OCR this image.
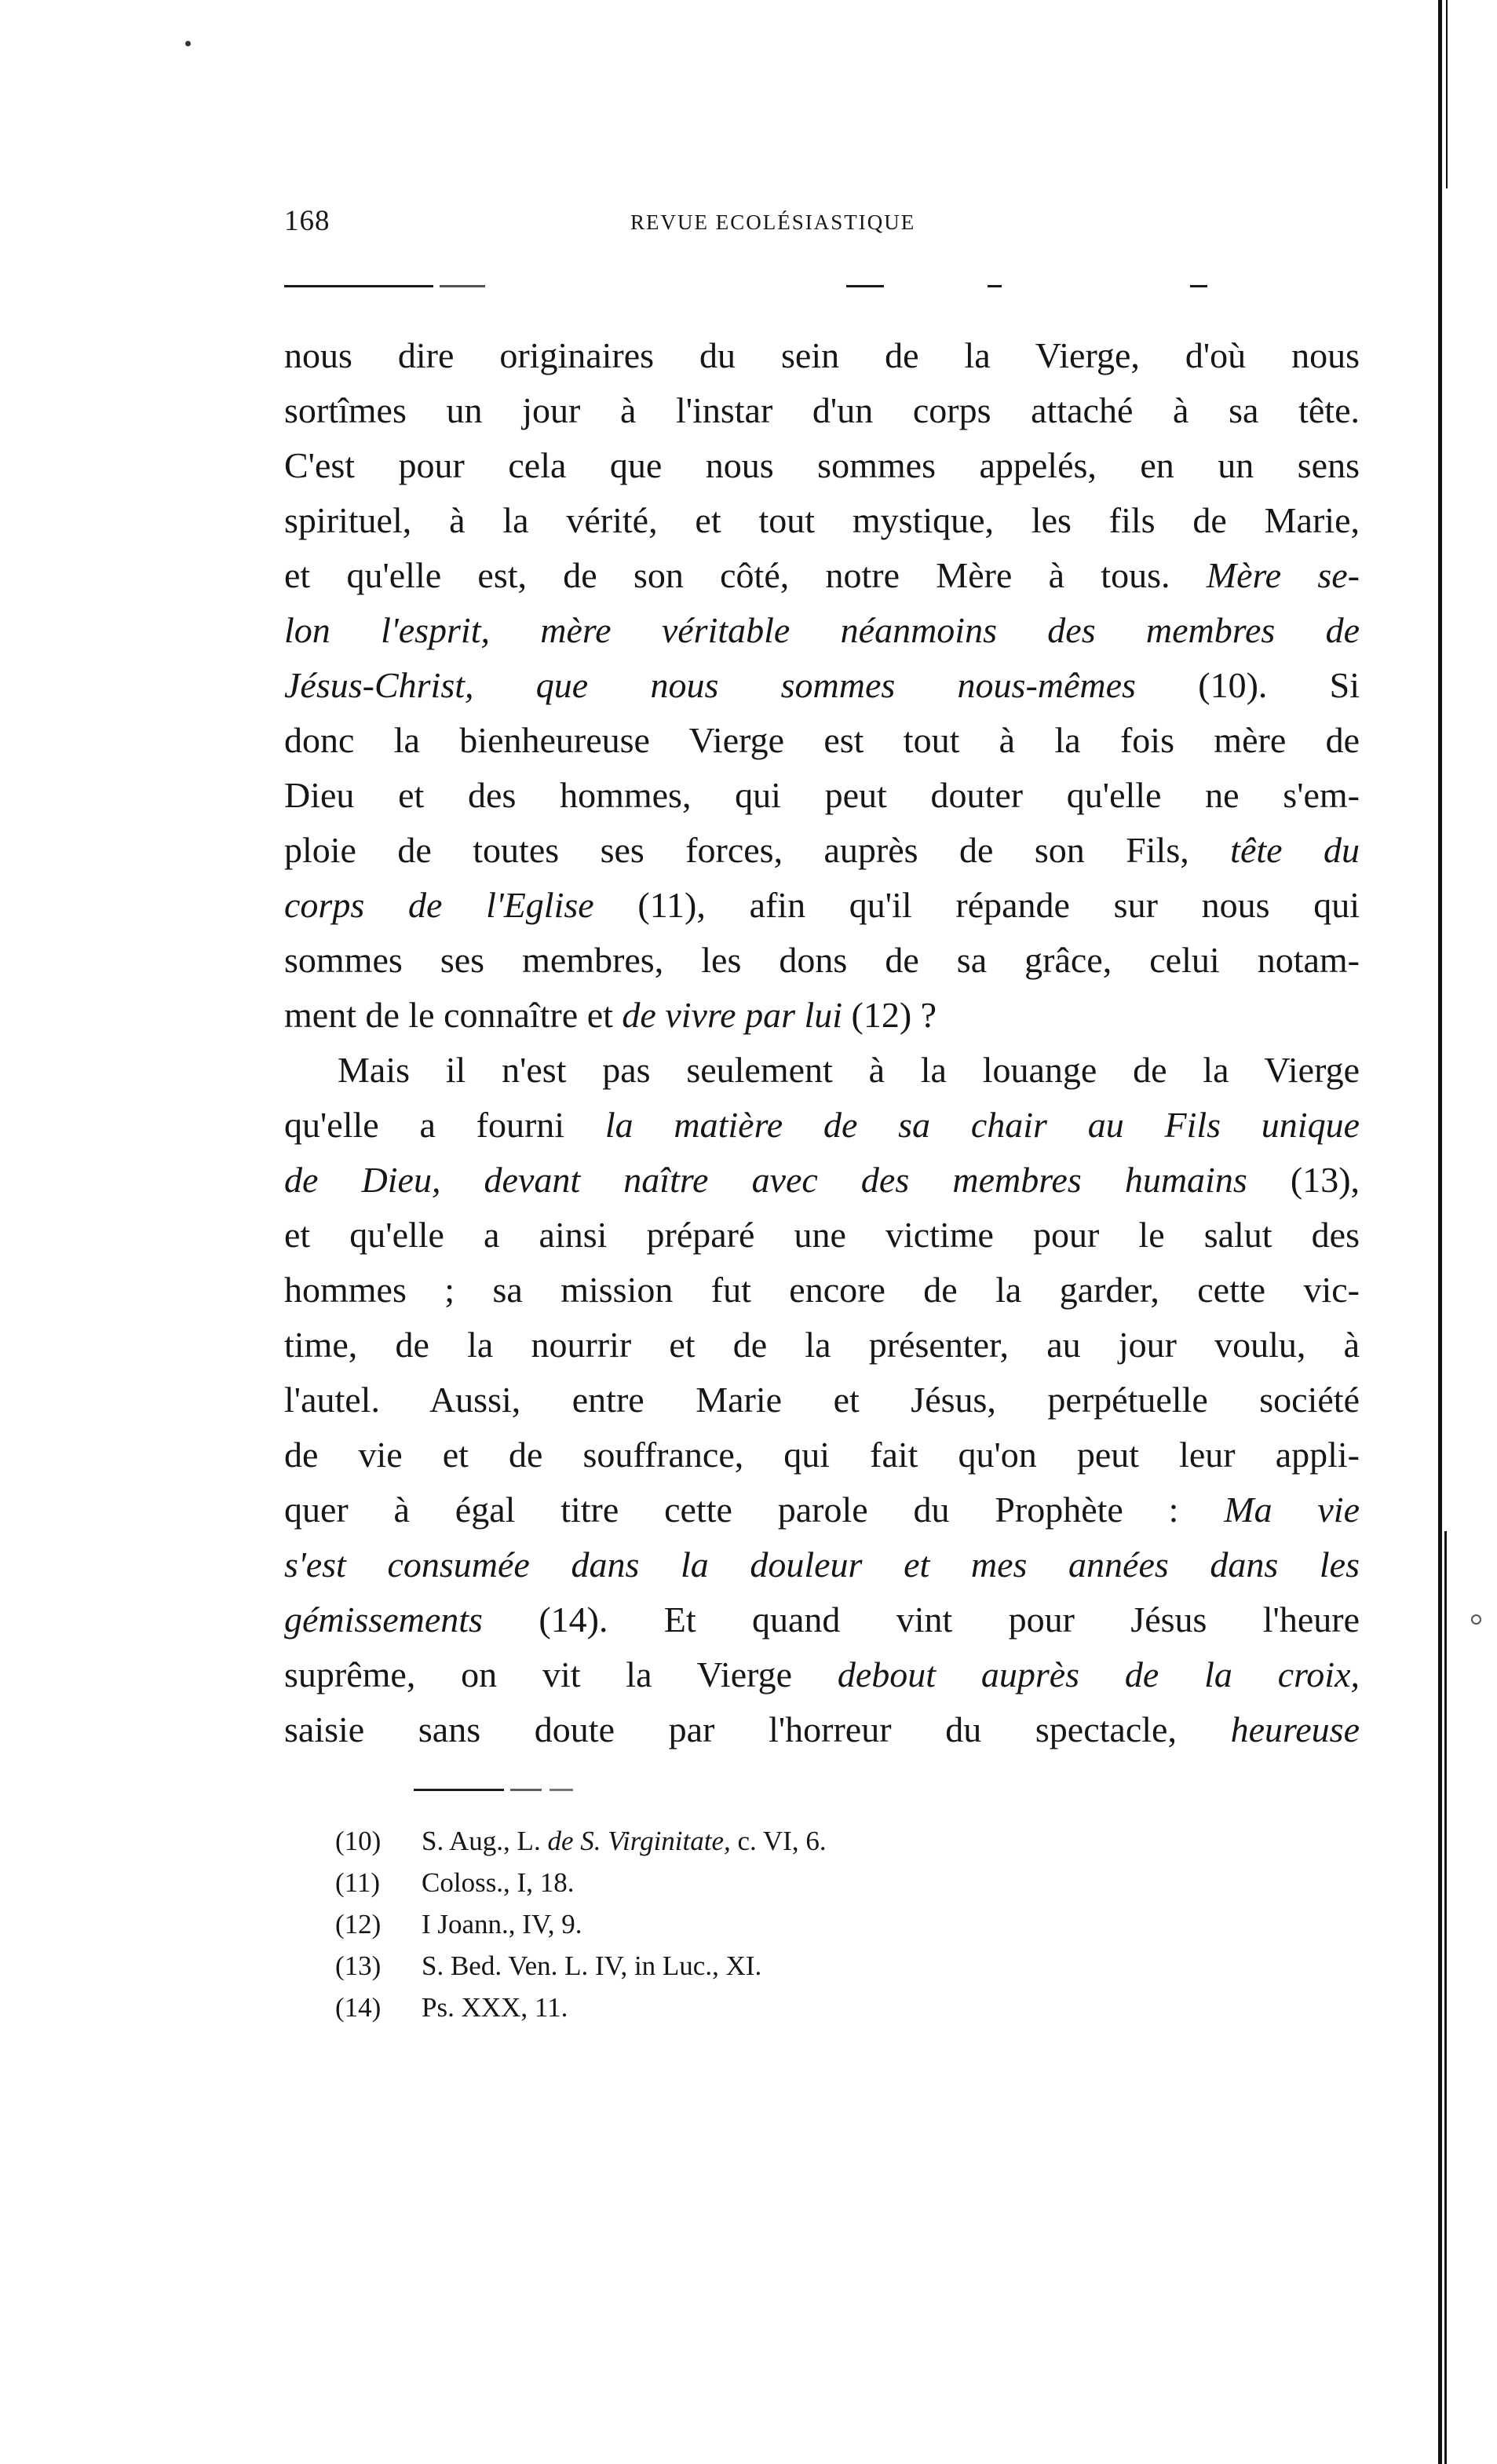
168	REVUE ECOLÉSIASTIQUE
nous dire originaires du sein de la Vierge, d'où nous
sortîmes un jour à l'instar d'un corps attaché à sa tête.
C'est pour cela que nous sommes appelés, en un sens
spirituel, à la vérité, et tout mystique, les fils de Marie,
et qu'elle est, de son côté, notre Mère à tous. Mère se-
lon l'esprit, mère véritable néanmoins des membres de
Jésus-Christ, que nous sommes nous-mêmes (10). Si
donc la bienheureuse Vierge est tout à la fois mère de
Dieu et des hommes, qui peut douter qu'elle ne s'em-
ploie de toutes ses forces, auprès de son Fils, tête du
corps de l'Eglise (11), afin qu'il répande sur nous qui
sommes ses membres, les dons de sa grâce, celui notam-
ment de le connaître et de vivre par lui (12) ?
Mais il n'est pas seulement à la louange de la Vierge
qu'elle a fourni la matière de sa chair au Fils unique
de Dieu, devant naître avec des membres humains (13),
et qu'elle a ainsi préparé une victime pour le salut des
hommes ; sa mission fut encore de la garder, cette vic-
time, de la nourrir et de la présenter, au jour voulu, à
l'autel. Aussi, entre Marie et Jésus, perpétuelle société
de vie et de souffrance, qui fait qu'on peut leur appli-
quer à égal titre cette parole du Prophète : Ma vie
s'est consumée dans la douleur et mes années dans les
gémissements (14). Et quand vint pour Jésus l'heure
suprême, on vit la Vierge debout auprès de la croix,
saisie sans doute par l'horreur du spectacle, heureuse
(10) S. Aug., L. de S. Virginitate, c. VI, 6.
(11) Coloss., I, 18.
(12) I Joann., IV, 9.
(13) S. Bed. Ven. L. IV, in Luc., XI.
(14) Ps. XXX, 11.
